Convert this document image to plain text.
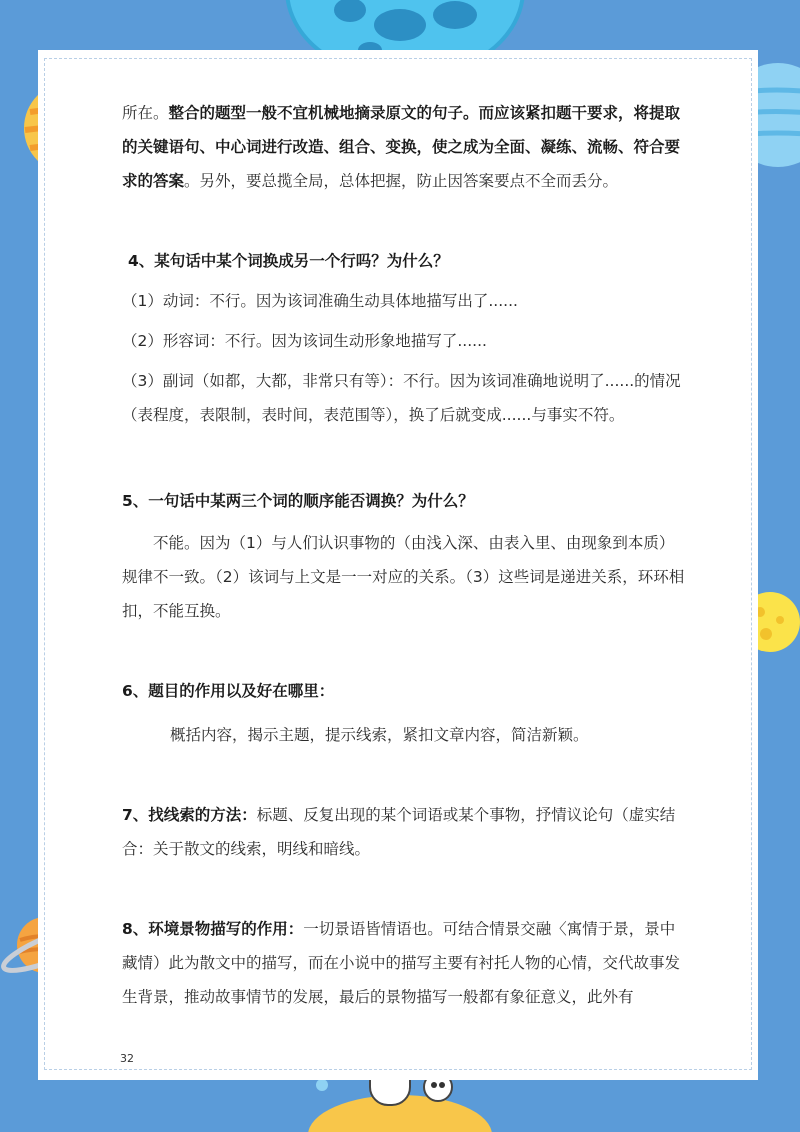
所在。整合的题型一般不宜机械地摘录原文的句子。而应该紧扣题干要求，将提取的关键语句、中心词进行改造、组合、变换，使之成为全面、凝练、流畅、符合要求的答案。另外，要总揽全局，总体把握，防止因答案要点不全而丢分。

4、某句话中某个词换成另一个行吗？为什么？

（1）动词：不行。因为该词准确生动具体地描写出了......

（2）形容词：不行。因为该词生动形象地描写了......

（3）副词（如都，大都，非常只有等）：不行。因为该词准确地说明了......的情况（表程度，表限制，表时间，表范围等），换了后就变成......与事实不符。

5、一句话中某两三个词的顺序能否调换？为什么？

不能。因为（1）与人们认识事物的（由浅入深、由表入里、由现象到本质）规律不一致。（2）该词与上文是一一对应的关系。（3）这些词是递进关系，环环相扣，不能互换。

6、题目的作用以及好在哪里：

概括内容，揭示主题，提示线索，紧扣文章内容，简洁新颖。

7、找线索的方法：标题、反复出现的某个词语或某个事物，抒情议论句（虚实结合：关于散文的线索，明线和暗线。

8、环境景物描写的作用：一切景语皆情语也。可结合情景交融〈寓情于景，景中藏情）此为散文中的描写，而在小说中的描写主要有衬托人物的心情，交代故事发生背景，推动故事情节的发展，最后的景物描写一般都有象征意义，此外有

32
